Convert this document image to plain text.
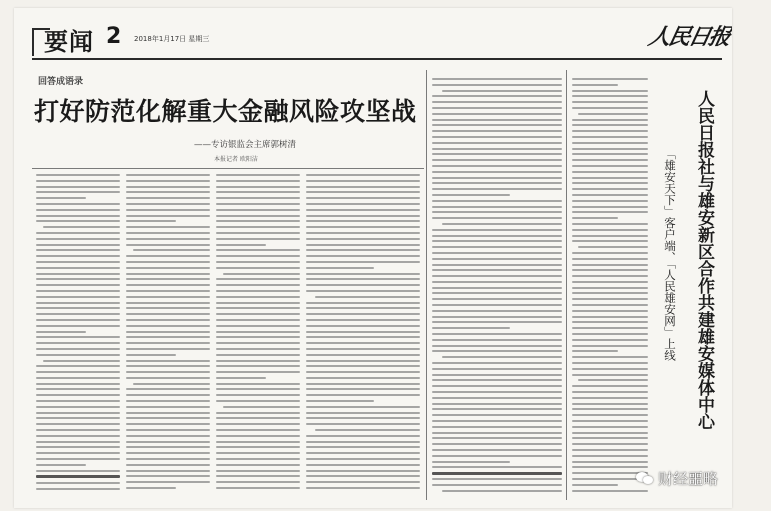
要闻 2 2018年1月17日 星期三	人民日报
回答成语录
打好防范化解重大金融风险攻坚战
——专访银监会主席郭树清
本报记者 欧阳洁	人民日报社与雄安新区合作共建雄安媒体中心
「雄安天下」客户端、「人民雄安网」上线
财经噩略
